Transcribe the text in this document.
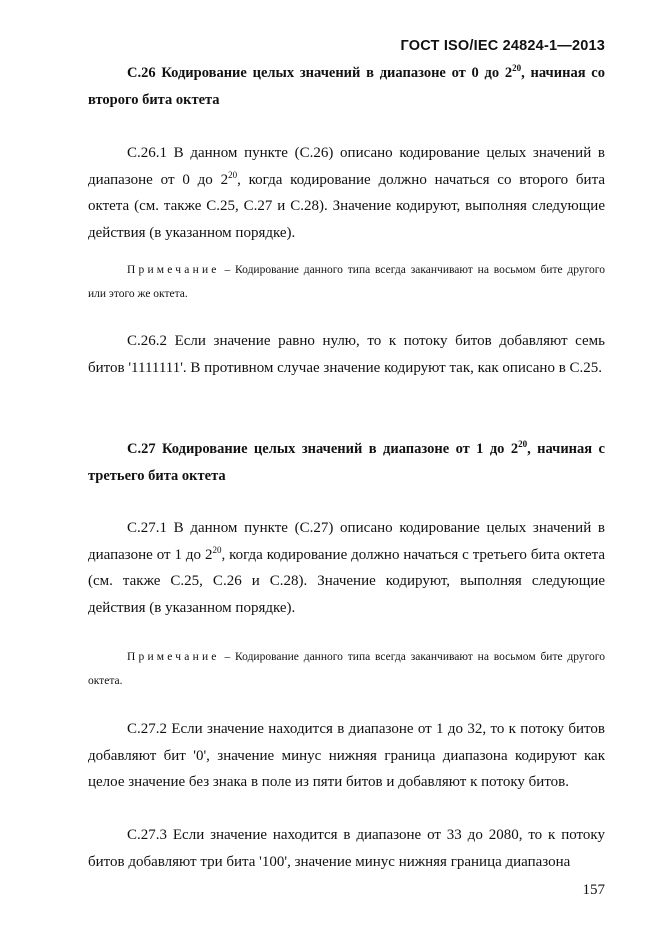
ГОСТ ISO/IEC 24824-1—2013
С.26 Кодирование целых значений в диапазоне от 0 до $2^{20}$, начиная со второго бита октета
С.26.1 В данном пункте (С.26) описано кодирование целых значений в диапазоне от 0 до $2^{20}$, когда кодирование должно начаться со второго бита октета (см. также С.25, С.27 и С.28). Значение кодируют, выполняя следующие действия (в указанном порядке).
Примечание – Кодирование данного типа всегда заканчивают на восьмом бите другого или этого же октета.
С.26.2 Если значение равно нулю, то к потоку битов добавляют семь битов '1111111'. В противном случае значение кодируют так, как описано в С.25.
С.27 Кодирование целых значений в диапазоне от 1 до $2^{20}$, начиная с третьего бита октета
С.27.1 В данном пункте (С.27) описано кодирование целых значений в диапазоне от 1 до $2^{20}$, когда кодирование должно начаться с третьего бита октета (см. также С.25, С.26 и С.28). Значение кодируют, выполняя следующие действия (в указанном порядке).
Примечание – Кодирование данного типа всегда заканчивают на восьмом бите другого октета.
С.27.2 Если значение находится в диапазоне от 1 до 32, то к потоку битов добавляют бит '0', значение минус нижняя граница диапазона кодируют как целое значение без знака в поле из пяти битов и добавляют к потоку битов.
С.27.3 Если значение находится в диапазоне от 33 до 2080, то к потоку битов добавляют три бита '100', значение минус нижняя граница диапазона
157
